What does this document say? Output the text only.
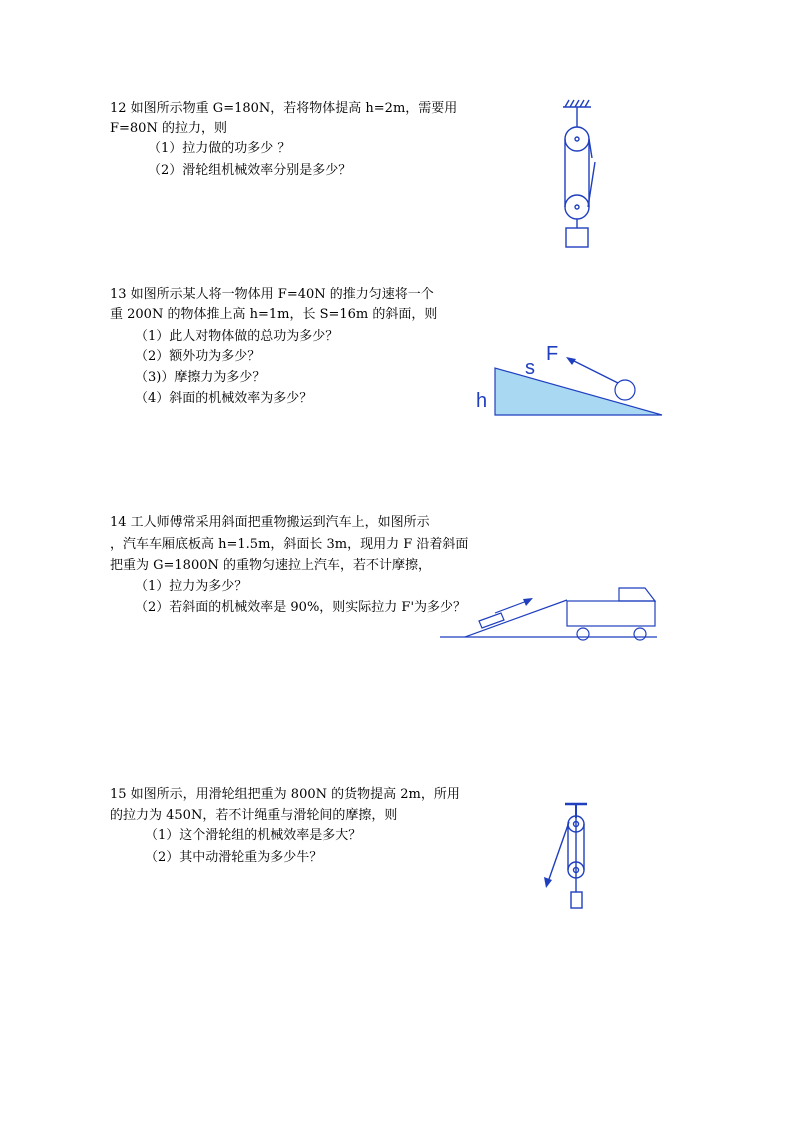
12 如图所示物重 G=180N，若将物体提高 h=2m，需要用
F=80N 的拉力，则
（1）拉力做的功多少 ？
（2）滑轮组机械效率分别是多少？
13 如图所示某人将一物体用 F=40N 的推力匀速将一个
重 200N 的物体推上高 h=1m，长 S=16m 的斜面，则
（1）此人对物体做的总功为多少？
（2）额外功为多少？
（3)）摩擦力为多少？
（4）斜面的机械效率为多少？
F
s
h
14 工人师傅常采用斜面把重物搬运到汽车上，如图所示
，汽车车厢底板高 h=1.5m，斜面长 3m，现用力 F 沿着斜面
把重为 G=1800N 的重物匀速拉上汽车，若不计摩擦，
（1）拉力为多少？
（2）若斜面的机械效率是 90%，则实际拉力 F'为多少？
15 如图所示，用滑轮组把重为 800N 的货物提高 2m，所用
的拉力为 450N，若不计绳重与滑轮间的摩擦，则
（1）这个滑轮组的机械效率是多大？
（2）其中动滑轮重为多少牛？
